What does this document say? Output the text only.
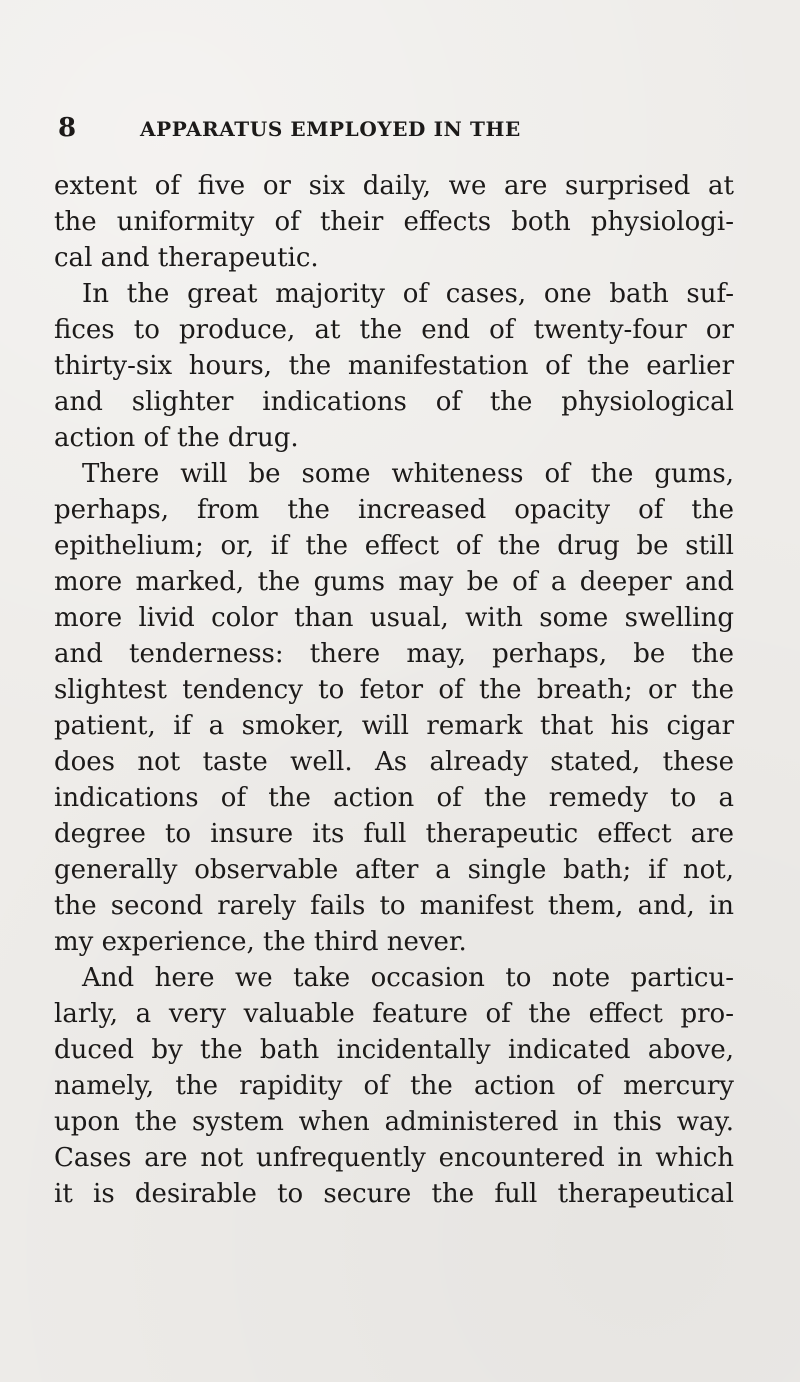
8	APPARATUS EMPLOYED IN THE
extent of five or six daily, we are surprised at
the uniformity of their effects both physiologi-
cal and therapeutic.
In the great majority of cases, one bath suf-
fices to produce, at the end of twenty-four or
thirty-six hours, the manifestation of the earlier
and slighter indications of the physiological
action of the drug.
There will be some whiteness of the gums,
perhaps, from the increased opacity of the
epithelium; or, if the effect of the drug be still
more marked, the gums may be of a deeper and
more livid color than usual, with some swelling
and tenderness: there may, perhaps, be the
slightest tendency to fetor of the breath; or the
patient, if a smoker, will remark that his cigar
does not taste well. As already stated, these
indications of the action of the remedy to a
degree to insure its full therapeutic effect are
generally observable after a single bath; if not,
the second rarely fails to manifest them, and, in
my experience, the third never.
And here we take occasion to note particu-
larly, a very valuable feature of the effect pro-
duced by the bath incidentally indicated above,
namely, the rapidity of the action of mercury
upon the system when administered in this way.
Cases are not unfrequently encountered in which
it is desirable to secure the full therapeutical
